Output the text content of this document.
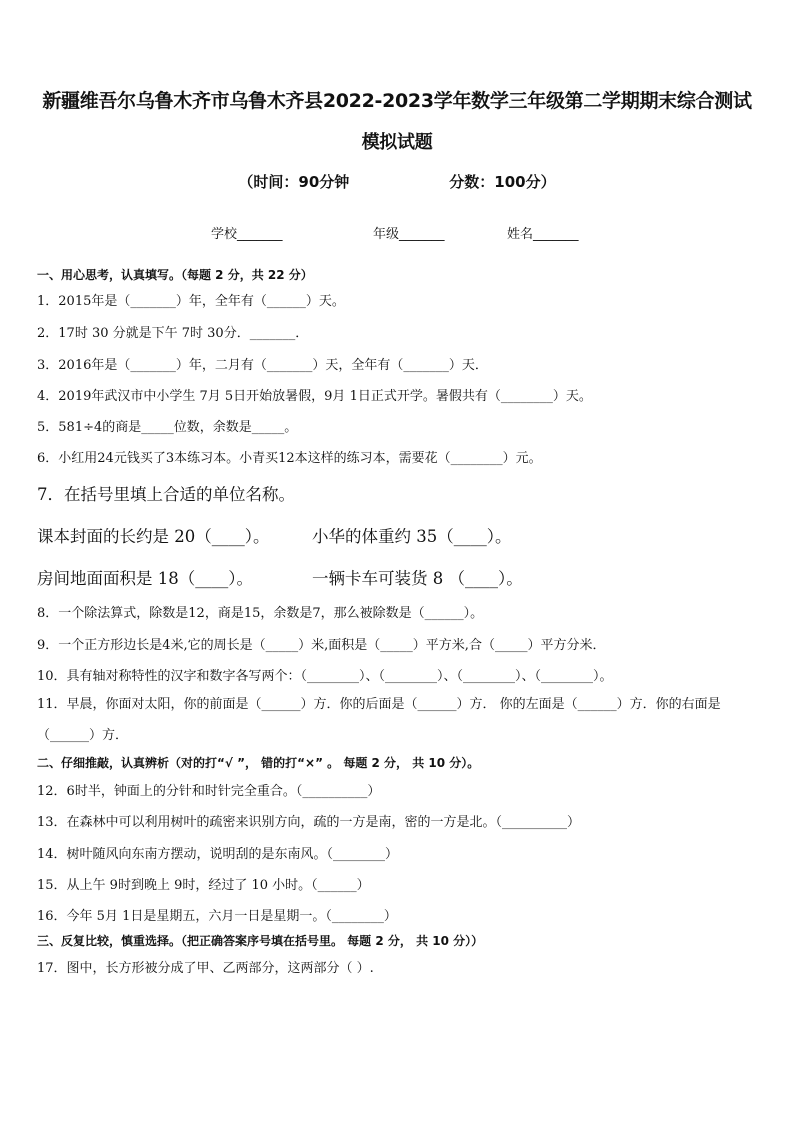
新疆维吾尔乌鲁木齐市乌鲁木齐县2022-2023学年数学三年级第二学期期末综合测试
模拟试题
（时间：90分钟	分数：100分）
学校_______	年级_______	姓名_______
一、用心思考，认真填写。（每题 2 分，共 22 分）
1．2015年是（_______）年，全年有（______）天。
2．17时 30 分就是下午 7时 30分．_______．
3．2016年是（_______）年，二月有（_______）天，全年有（_______）天．
4．2019年武汉市中小学生 7月 5日开始放暑假，9月 1日正式开学。暑假共有（________）天。
5．581÷4的商是_____位数，余数是_____。
6．小红用24元钱买了3本练习本。小青买12本这样的练习本，需要花（________）元。
7．在括号里填上合适的单位名称。
课本封面的长约是 20（____）。	小华的体重约 35（____）。
房间地面面积是 18（____）。	一辆卡车可装货 8 （____）。
8．一个除法算式，除数是12，商是15，余数是7，那么被除数是（______）。
9．一个正方形边长是4米,它的周长是（_____）米,面积是（_____）平方米,合（_____）平方分米．
10．具有轴对称特性的汉字和数字各写两个：（________）、（________）、（________）、（________）。
11．早晨，你面对太阳，你的前面是（______）方．你的后面是（______）方． 你的左面是（______）方．你的右面是（______）方．
二、仔细推敲，认真辨析（对的打“√ ”， 错的打“×” 。 每题 2 分， 共 10 分）。
12．6时半，钟面上的分针和时针完全重合。（__________）
13．在森林中可以利用树叶的疏密来识别方向，疏的一方是南，密的一方是北。（__________）
14．树叶随风向东南方摆动，说明刮的是东南风。（________）
15．从上午 9时到晚上 9时，经过了 10 小时。（______）
16．今年 5月 1日是星期五，六月一日是星期一。（________）
三、反复比较，慎重选择。（把正确答案序号填在括号里。 每题 2 分， 共 10 分））
17．图中，长方形被分成了甲、乙两部分，这两部分（ ）.
